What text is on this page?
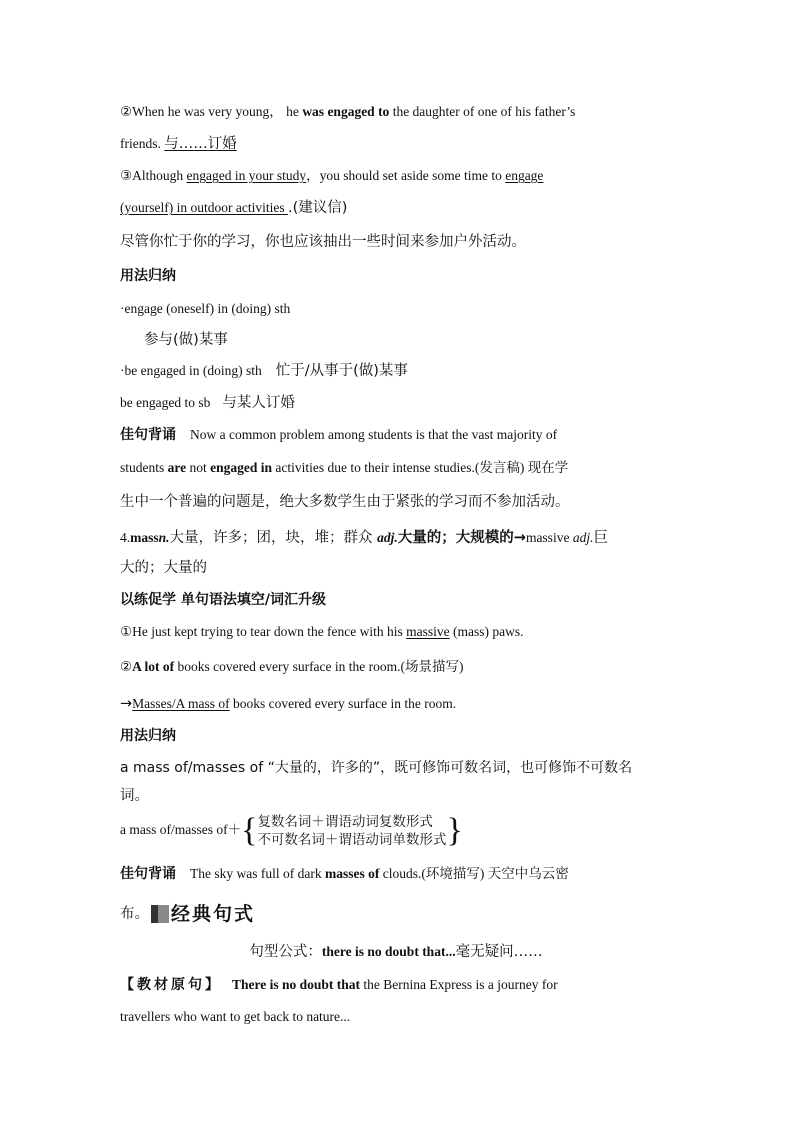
②When he was very young， he was engaged to the daughter of one of his father’s
friends. 与……订婚
③Although engaged in your study，you should set aside some time to engage
(yourself) in outdoor activities .(建议信)
尽管你忙于你的学习，你也应该抽出一些时间来参加户外活动。
用法归纳
·engage (oneself) in (doing) sth
参与(做)某事
·be engaged in (doing) sth 忙于/从事于(做)某事
be engaged to sb 与某人订婚
佳句背诵 Now a common problem among students is that the vast majority of
students are not engaged in activities due to their intense studies.(发言稿) 现在学
生中一个普遍的问题是，绝大多数学生由于紧张的学习而不参加活动。
4.massn.大量，许多；团，块，堆；群众 adj.大量的；大规模的→massive adj.巨
大的；大量的
以练促学 单句语法填空/词汇升级
①He just kept trying to tear down the fence with his massive (mass) paws.
②A lot of books covered every surface in the room.(场景描写)
→Masses/A mass of books covered every surface in the room.
用法归纳
a mass of/masses of “大量的，许多的”，既可修饰可数名词，也可修饰不可数名
词。
a mass of/masses of＋{ 复数名词＋谓语动词复数形式
不可数名词＋谓语动词单数形式 }
佳句背诵 The sky was full of dark masses of clouds.(环境描写) 天空中乌云密
布。 经典句式
句型公式：there is no doubt that...毫无疑问……
【教材原句】 There is no doubt that the Bernina Express is a journey for
travellers who want to get back to nature...
